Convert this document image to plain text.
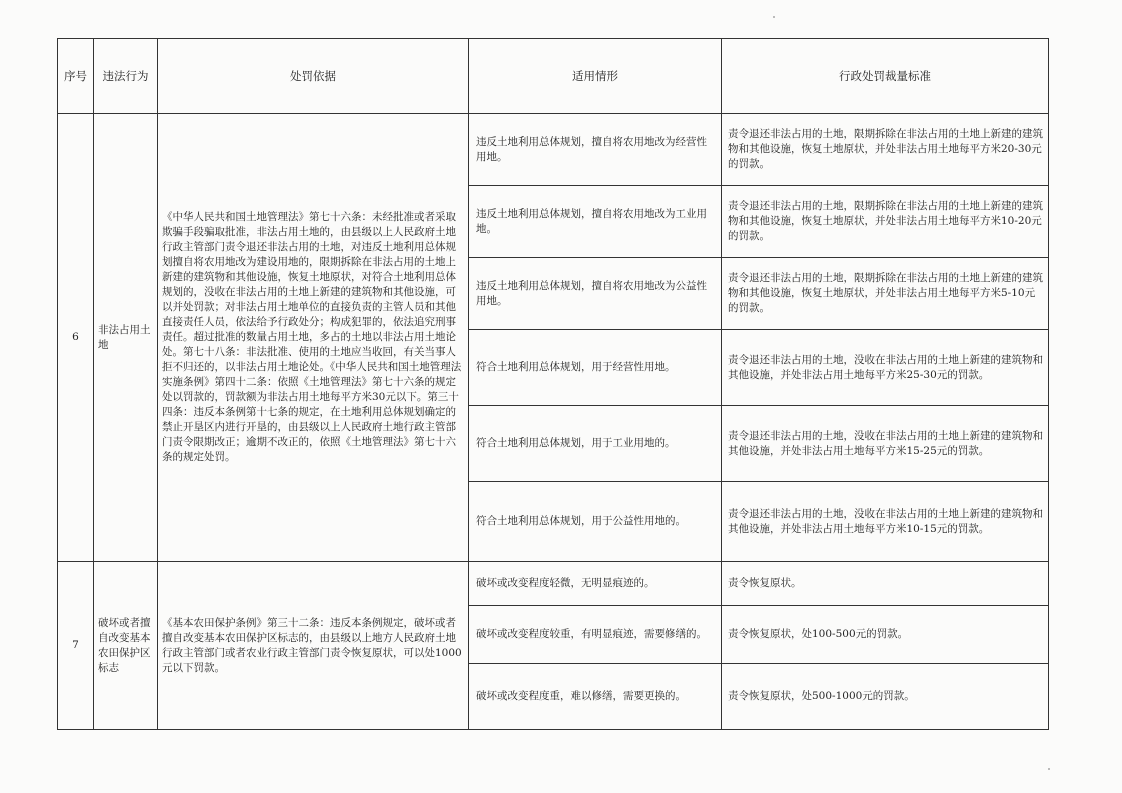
序号	违法行为	处罚依据	适用情形	行政处罚裁量标准
6	非法占用土地	《中华人民共和国土地管理法》第七十六条：未经批准或者采取欺骗手段骗取批准，非法占用土地的，由县级以上人民政府土地行政主管部门责令退还非法占用的土地，对违反土地利用总体规划擅自将农用地改为建设用地的，限期拆除在非法占用的土地上新建的建筑物和其他设施，恢复土地原状，对符合土地利用总体规划的，没收在非法占用的土地上新建的建筑物和其他设施，可以并处罚款；对非法占用土地单位的直接负责的主管人员和其他直接责任人员，依法给予行政处分；构成犯罪的，依法追究刑事责任。超过批准的数量占用土地，多占的土地以非法占用土地论处。第七十八条：非法批准、使用的土地应当收回，有关当事人拒不归还的，以非法占用土地论处。《中华人民共和国土地管理法实施条例》第四十二条：依照《土地管理法》第七十六条的规定处以罚款的，罚款额为非法占用土地每平方米30元以下。第三十四条：违反本条例第十七条的规定，在土地利用总体规划确定的禁止开垦区内进行开垦的，由县级以上人民政府土地行政主管部门责令限期改正；逾期不改正的，依照《土地管理法》第七十六条的规定处罚。	违反土地利用总体规划，擅自将农用地改为经营性用地。	责令退还非法占用的土地，限期拆除在非法占用的土地上新建的建筑物和其他设施，恢复土地原状，并处非法占用土地每平方米20-30元的罚款。
			违反土地利用总体规划，擅自将农用地改为工业用地。	责令退还非法占用的土地，限期拆除在非法占用的土地上新建的建筑物和其他设施，恢复土地原状，并处非法占用土地每平方米10-20元的罚款。
			违反土地利用总体规划，擅自将农用地改为公益性用地。	责令退还非法占用的土地，限期拆除在非法占用的土地上新建的建筑物和其他设施，恢复土地原状，并处非法占用土地每平方米5-10元的罚款。
			符合土地利用总体规划，用于经营性用地。	责令退还非法占用的土地，没收在非法占用的土地上新建的建筑物和其他设施，并处非法占用土地每平方米25-30元的罚款。
			符合土地利用总体规划，用于工业用地的。	责令退还非法占用的土地，没收在非法占用的土地上新建的建筑物和其他设施，并处非法占用土地每平方米15-25元的罚款。
			符合土地利用总体规划，用于公益性用地的。	责令退还非法占用的土地，没收在非法占用的土地上新建的建筑物和其他设施，并处非法占用土地每平方米10-15元的罚款。
7	破坏或者擅自改变基本农田保护区标志	《基本农田保护条例》第三十二条：违反本条例规定，破坏或者擅自改变基本农田保护区标志的，由县级以上地方人民政府土地行政主管部门或者农业行政主管部门责令恢复原状，可以处1000元以下罚款。	破坏或改变程度轻微，无明显痕迹的。	责令恢复原状。
			破坏或改变程度较重，有明显痕迹，需要修缮的。	责令恢复原状，处100-500元的罚款。
			破坏或改变程度重，难以修缮，需要更换的。	责令恢复原状，处500-1000元的罚款。
